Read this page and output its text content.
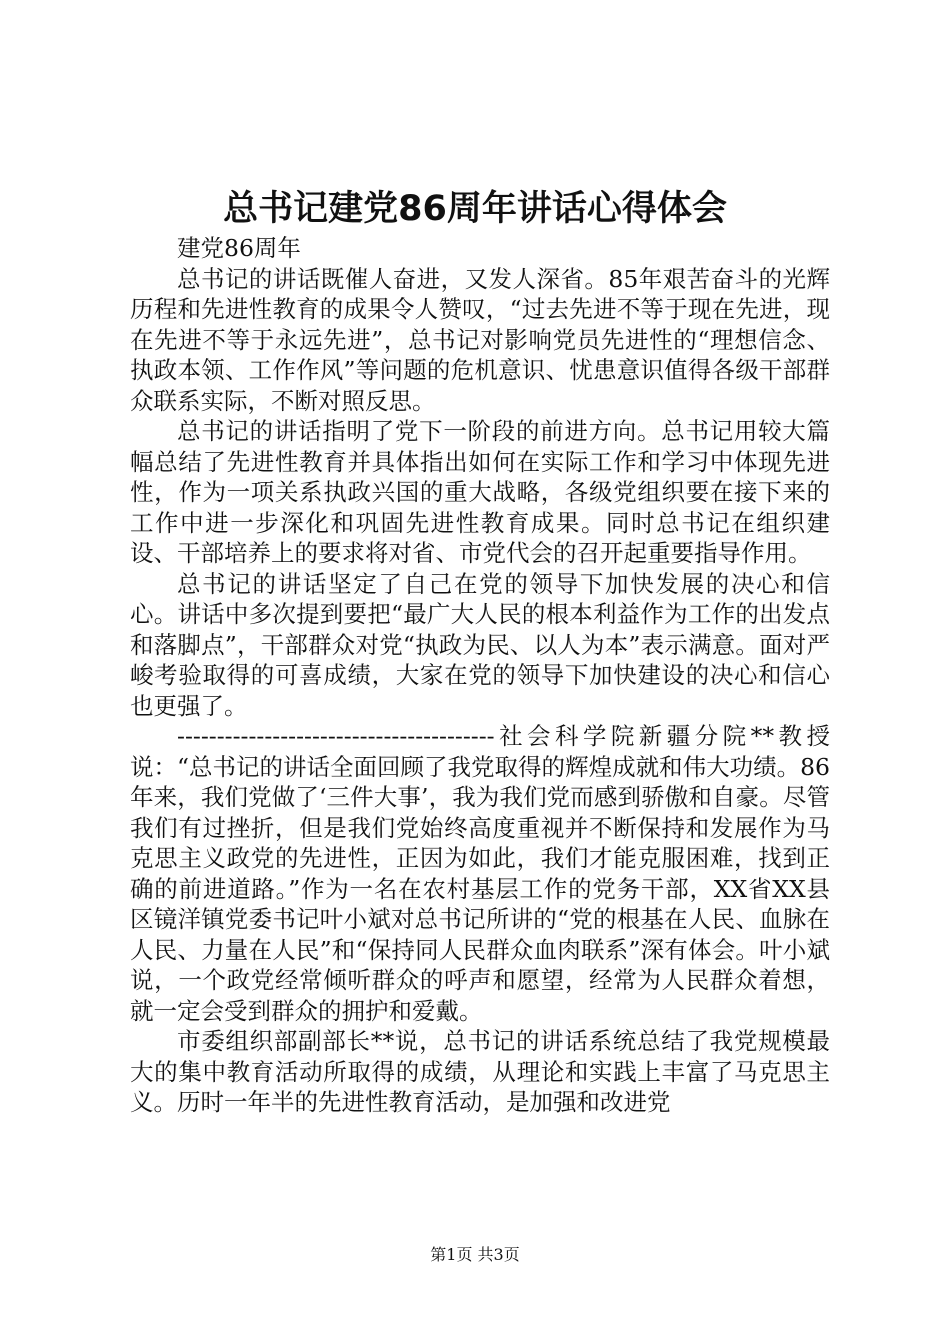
总书记建党86周年讲话心得体会

建党86周年

总书记的讲话既催人奋进，又发人深省。85年艰苦奋斗的光辉历程和先进性教育的成果令人赞叹，“过去先进不等于现在先进，现在先进不等于永远先进”，总书记对影响党员先进性的“理想信念、执政本领、工作作风”等问题的危机意识、忧患意识值得各级干部群众联系实际，不断对照反思。

总书记的讲话指明了党下一阶段的前进方向。总书记用较大篇幅总结了先进性教育并具体指出如何在实际工作和学习中体现先进性，作为一项关系执政兴国的重大战略，各级党组织要在接下来的工作中进一步深化和巩固先进性教育成果。同时总书记在组织建设、干部培养上的要求将对省、市党代会的召开起重要指导作用。

总书记的讲话坚定了自己在党的领导下加快发展的决心和信心。讲话中多次提到要把“最广大人民的根本利益作为工作的出发点和落脚点”，干部群众对党“执政为民、以人为本”表示满意。面对严峻考验取得的可喜成绩，大家在党的领导下加快建设的决心和信心也更强了。

----------------------------------------社会科学院新疆分院**教授说：“总书记的讲话全面回顾了我党取得的辉煌成就和伟大功绩。86年来，我们党做了‘三件大事’，我为我们党而感到骄傲和自豪。尽管我们有过挫折，但是我们党始终高度重视并不断保持和发展作为马克思主义政党的先进性，正因为如此，我们才能克服困难，找到正确的前进道路。”作为一名在农村基层工作的党务干部，XX省XX县区镜洋镇党委书记叶小斌对总书记所讲的“党的根基在人民、血脉在人民、力量在人民”和“保持同人民群众血肉联系”深有体会。叶小斌说，一个政党经常倾听群众的呼声和愿望，经常为人民群众着想，就一定会受到群众的拥护和爱戴。

市委组织部副部长**说，总书记的讲话系统总结了我党规模最大的集中教育活动所取得的成绩，从理论和实践上丰富了马克思主义。历时一年半的先进性教育活动，是加强和改进党

第1页 共3页
